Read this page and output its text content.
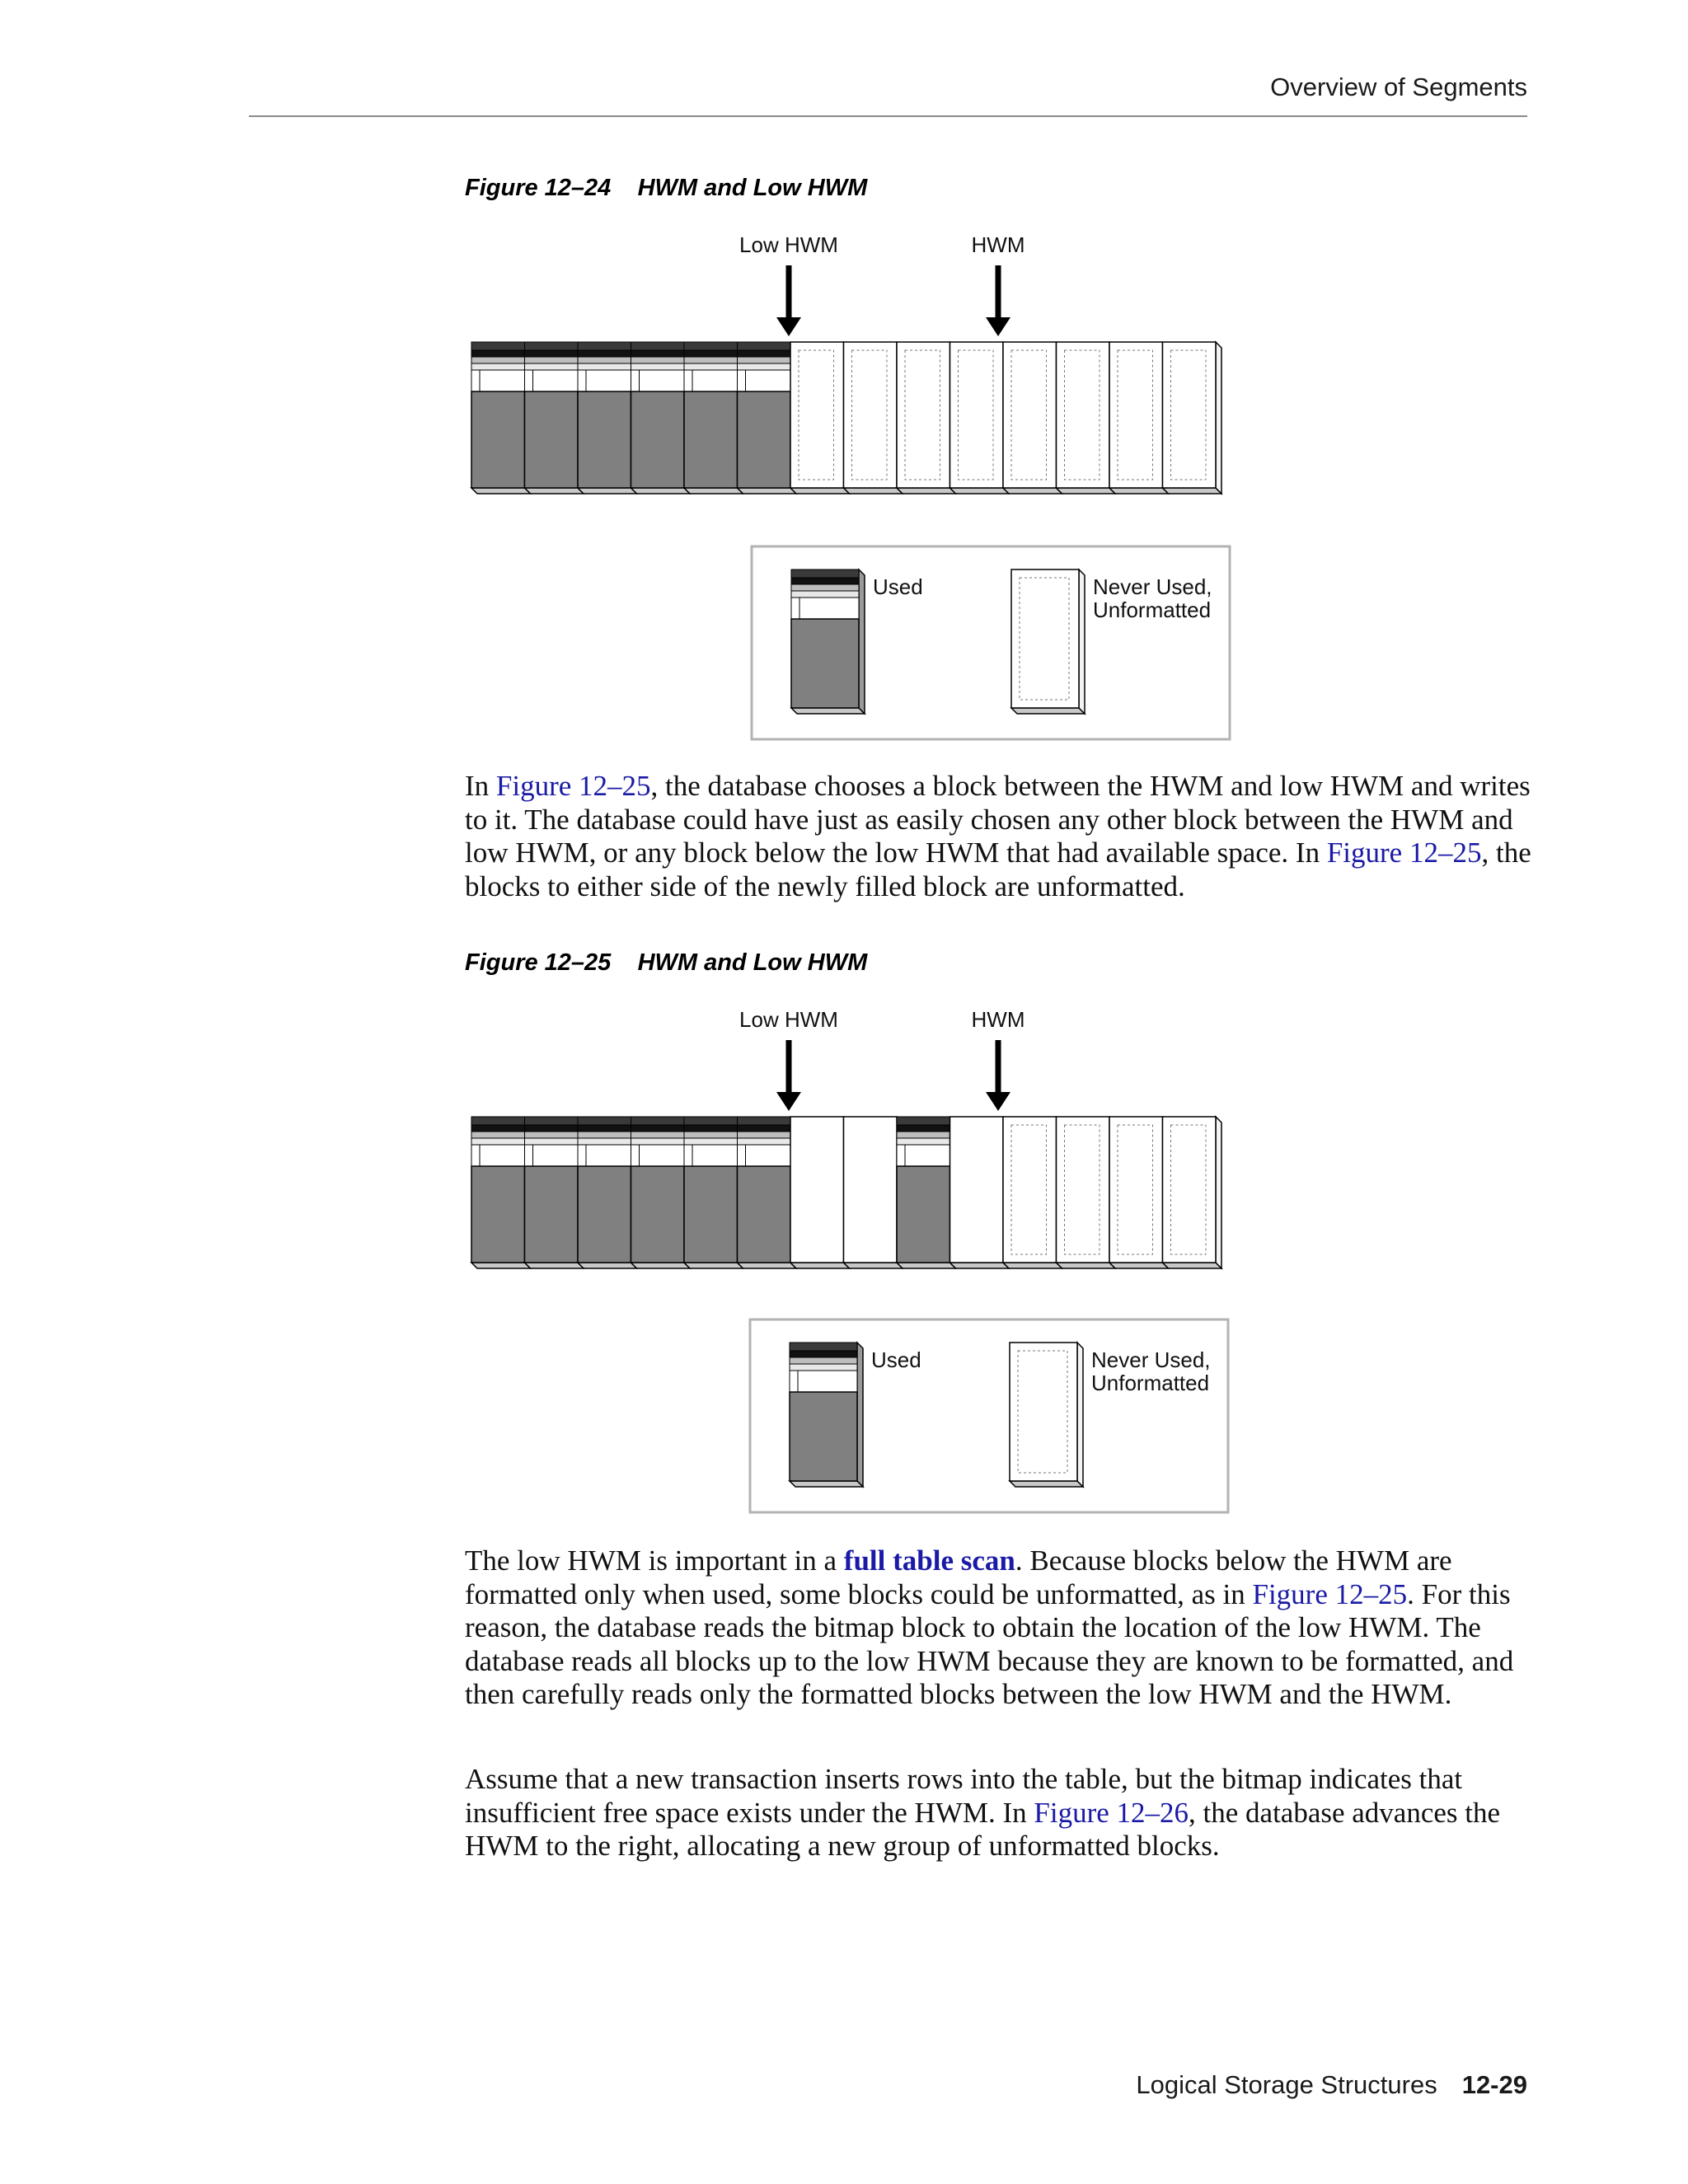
Overview of Segments
Figure 12–24 HWM and Low HWM
Low HWM	HWM
Used	Never Used,
Unformatted

In Figure 12–25, the database chooses a block between the HWM and low HWM and writes to it. The database could have just as easily chosen any other block between the HWM and low HWM, or any block below the low HWM that had available space. In Figure 12–25, the blocks to either side of the newly filled block are unformatted.

Figure 12–25 HWM and Low HWM
Low HWM	HWM
Used	Never Used,
Unformatted

The low HWM is important in a full table scan. Because blocks below the HWM are formatted only when used, some blocks could be unformatted, as in Figure 12–25. For this reason, the database reads the bitmap block to obtain the location of the low HWM. The database reads all blocks up to the low HWM because they are known to be formatted, and then carefully reads only the formatted blocks between the low HWM and the HWM.

Assume that a new transaction inserts rows into the table, but the bitmap indicates that insufficient free space exists under the HWM. In Figure 12–26, the database advances the HWM to the right, allocating a new group of unformatted blocks.

Logical Storage Structures 12-29
